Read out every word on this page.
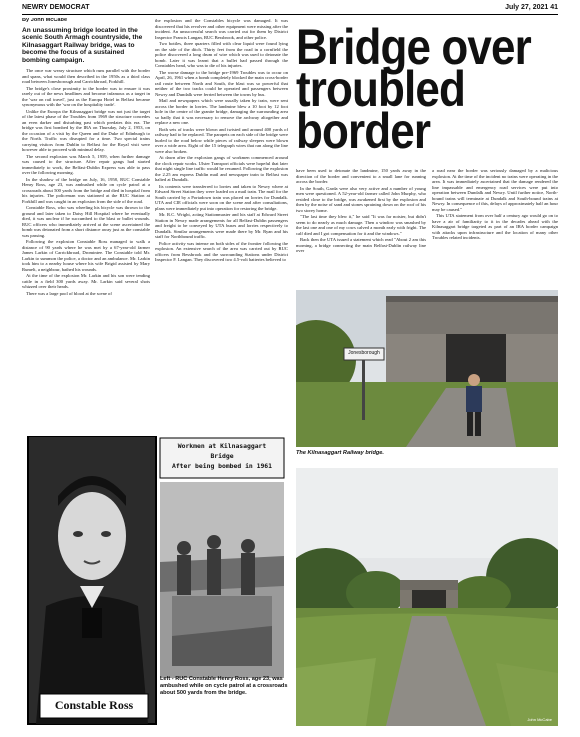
NEWRY DEMOCRAT	July 27, 2021 41
By John McCabe
An unassuming bridge located in the scenic South Armagh countryside, the Kilnasaggart Railway bridge, was to become the focus of a sustained bombing campaign.

The once war weary structure which runs parallel with the border and spans, what would then described in the 1950s as a third class road between Jonesborough and Carrickbroad, Forkhill.

The bridge's close proximity to the border was to ensure it was rarely out of the news headlines and become infamous as a target in the 'war on rail travel', just as the Europa Hotel in Belfast became synonymous with the 'war on the hospitality trade'.

Unlike the Europa the Kilnasaggart bridge was not just the target of the latest phase of the Troubles from 1969 the structure concedes an even darker and disturbing past which predates this era. The bridge was first bombed by the IRA on Thursday, July 2, 1953, on the occasion of a visit by the Queen and the Duke of Edinburgh to the North. Traffic was disrupted for a time. Two special trains carrying visitors from Dublin to Belfast for the Royal visit were however able to proceed with minimal delay.

The second explosion was March 5, 1959, when further damage was caused to the structure. After repair gangs had started immediately to work, the Belfast-Dublin Express was able to pass over the following morning.

In the shadow of the bridge on July, 16, 1958, RUC Constable Henry Ross, age 23, was ambushed while on cycle patrol at a crossroads about 500 yards from the bridge and died in hospital from his injuries. The policeman was stationed at the RUC Station at Forkhill and was caught in an explosion from the side of the road.

Constable Ross, who was wheeling his bicycle was thrown to the ground and later taken to Daisy Hill Hospital where he eventually died, it was unclear if he succumbed to the blast or bullet wounds. RUC officers who immediately arrived at the scene ascertained the bomb was detonated from a short distance away just as the constable was passing.

Following the explosion Constable Ross managed to walk a distance of 90 yards where he was met by a 67-year-old farmer James Larkin of Carrickbroad, Dromintee. The Constable told Mr. Larkin to summon the police, a doctor and an ambulance. Mr. Larkin took him to a nearby house where his wife Brigid assisted by Mary Rumelt, a neighbour, bathed his wounds.

At the time of the explosion Mr. Larkin and his son were tending cattle in a field 300 yards away. Mr. Larkin said several shots whizzed over their heads.

There was a large pool of blood at the scene of

the explosion and the Constables bicycle was damaged. It was discovered that his revolver and other equipment were missing after the incident. An unsuccessful search was carried out for them by District Inspector Francis Langan, RUC Bessbrook, and other police.

Two bottles, three quarters filled with clear liquid were found lying on the side of the ditch. Thirty feet from the road in a cornfield the police discovered a long drum of wire which was used to detonate the bomb. Later it was learnt that a bullet had passed through the Constables head, who was to die of his injuries.

The worse damage to the bridge pre-1969 Troubles was to occur on April, 26, 1961 when a bomb completely blocked the main cross-border rail route between North and South, the blast was so powerful that neither of the two tracks could be operated and passengers between Newry and Dundalk were ferried between the towns by bus.

Mail and newspapers which were usually taken by train, were sent across the border in lorries. The landmine blew a 10 foot by 12 foot hole in the centre of the granite bridge, damaging the surrounding area so badly that it was necessary to remove the archway altogether and replace a new one.

Both sets of tracks were blown and twisted and around 400 yards of railway had to be replaced. The parapets on each side of the bridge were hurled to the road below while pieces of railway sleepers were blown over a wide area. Eight of the 15 telegraph wires that ran along the line were also broken.

At dawn after the explosion gangs of workmen commenced around the clock repair works. Ulster Transport officials were hopeful that later that night single line traffic would be resumed. Following the explosion the 2.25 am express Dublin mail and newspaper train to Belfast was halted at Dundalk.

Its contents were transferred to lorries and taken to Newry where at Edward Street Station they were loaded on a mail train. The mail for the South carried by a Portadown train was placed on lorries for Dundalk. UTA and CIE officials were soon on the scene and after consultations, plans were immediately put into operation for restoring the bridge.

Mr. R.C. Wright, acting Stationmaster and his staff at Edward Street Station in Newry made arrangements for all Belfast-Dublin passengers and freight to be conveyed by UTA buses and lorries respectively to Dundalk. Similar arrangements were made there by Mr. Ryan and his staff for Northbound traffic.

Police activity was intense on both sides of the frontier following the explosion. An extensive search of the area was carried out by RUC officers from Bessbrook and the surrounding Stations under District Inspector F. Langan. They discovered two 4.5-volt batteries believed to

Bridge over
troubled
border

have been used to detonate the landmine, 150 yards away in the direction of the border and convenient to a small lane for running across the border.

In the South, Garda were also very active and a number of young men were questioned. A 52-year-old farmer called John Murphy, who resided close to the bridge, was awakened first by the explosion and then by the noise of sand and stones spraining down on the roof of his two storey home.

"The last time they blew it," he said "It was far noisier, but didn't seem to do nearly as much damage. Then a window was smashed by the last one and one of my cows calved a month early with fright. The calf died and I got compensation for it and the windows."

Back then the UTA issued a statement which read "About 2 am this morning, a bridge connecting the main Belfast-Dublin railway line over

a road near the border was seriously damaged by a malicious explosion. At the time of the incident no trains were operating in the area. It was immediately ascertained that the damage rendered the line impassable and emergency road services were put into operation between Dundalk and Newry. Until further notice, North-bound trains will terminate at Dundalk and South-bound trains at Newry. In consequence of this, delays of approximately half an hour may be caused."

This UTA statement from over half a century ago would go on to have a air of familiarity to it in the decades ahead with the Kilnasaggart bridge targeted as part of an IRA border campaign with attacks upon infrastructure and the location of many other Troubles related incidents.

Workmen at Kilnasaggart
Bridge
After being bombed in 1961
Constable Ross
Left - RUC Constable Henry Ross, age 23, was ambushed while on cycle patrol at a crossroads about 500 yards from the bridge.
Jonesborough
The Kilnasaggart Railway bridge.
John McCabe
